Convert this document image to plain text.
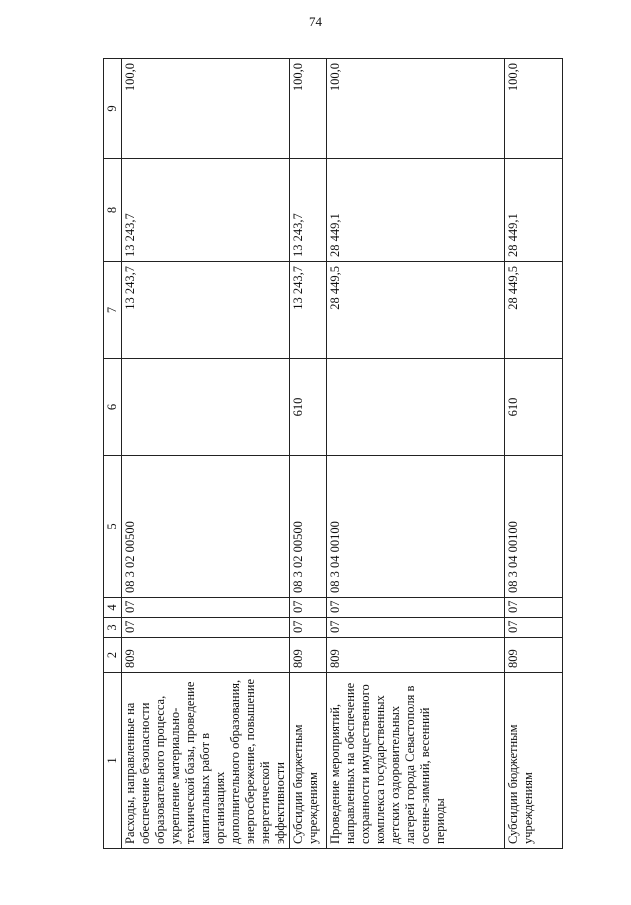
74
1	2	3	4	5	6	7	8	9
Расходы, направленные на обеспечение безопасности образовательного процесса, укрепление материально-технической базы, проведение капитальных работ в организациях дополнительного образования, энергосбережение, повышение энергетической эффективности	809	07	07	08 3 02 00500		13 243,7	13 243,7	100,0
Субсидии бюджетным учреждениям	809	07	07	08 3 02 00500	610	13 243,7	13 243,7	100,0
Проведение мероприятий, направленных на обеспечение сохранности имущественного комплекса государственных детских оздоровительных лагерей города Севастополя в осенне-зимний, весенний периоды	809	07	07	08 3 04 00100		28 449,5	28 449,1	100,0
Субсидии бюджетным учреждениям	809	07	07	08 3 04 00100	610	28 449,5	28 449,1	100,0
